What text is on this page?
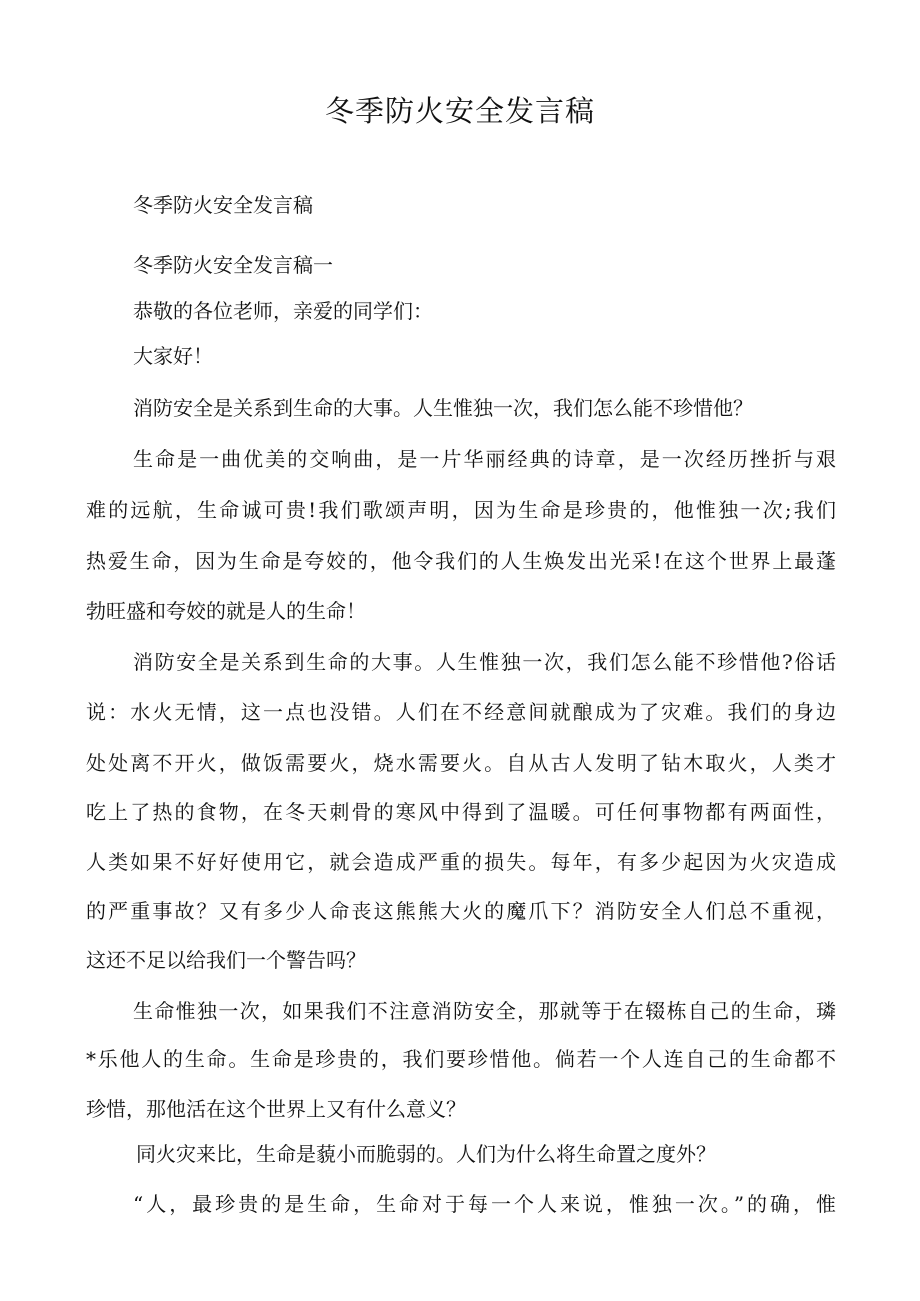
冬季防火安全发言稿
冬季防火安全发言稿
冬季防火安全发言稿一
恭敬的各位老师，亲爱的同学们：
大家好！
消防安全是关系到生命的大事。人生惟独一次，我们怎么能不珍惜他？
生命是一曲优美的交响曲，是一片华丽经典的诗章，是一次经历挫折与艰
难的远航，生命诚可贵!我们歌颂声明，因为生命是珍贵的，他惟独一次;我们
热爱生命，因为生命是夸姣的，他令我们的人生焕发出光采!在这个世界上最蓬
勃旺盛和夸姣的就是人的生命！
消防安全是关系到生命的大事。人生惟独一次，我们怎么能不珍惜他?俗话
说：水火无情，这一点也没错。人们在不经意间就酿成为了灾难。我们的身边
处处离不开火，做饭需要火，烧水需要火。自从古人发明了钻木取火，人类才
吃上了热的食物，在冬天刺骨的寒风中得到了温暖。可任何事物都有两面性，
人类如果不好好使用它，就会造成严重的损失。每年，有多少起因为火灾造成
的严重事故？又有多少人命丧这熊熊大火的魔爪下？消防安全人们总不重视，
这还不足以给我们一个警告吗？
生命惟独一次，如果我们不注意消防安全，那就等于在辍栋自己的生命，璘
*乐他人的生命。生命是珍贵的，我们要珍惜他。倘若一个人连自己的生命都不
珍惜，那他活在这个世界上又有什么意义？
同火灾来比，生命是藐小而脆弱的。人们为什么将生命置之度外？
“人，最珍贵的是生命，生命对于每一个人来说，惟独一次。”的确，惟
